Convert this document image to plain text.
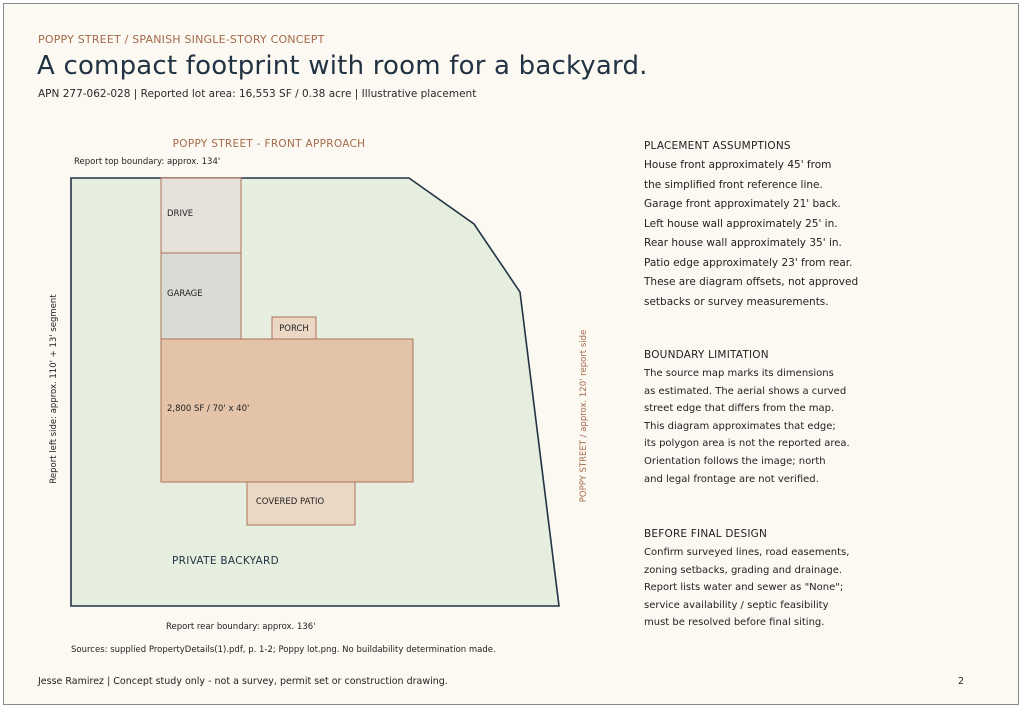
POPPY STREET / SPANISH SINGLE-STORY CONCEPT
A compact footprint with room for a backyard.
APN 277-062-028 | Reported lot area: 16,553 SF / 0.38 acre | Illustrative placement
POPPY STREET - FRONT APPROACH
Report top boundary: approx. 134'
DRIVE
GARAGE
PORCH
2,800 SF / 70' x 40'
COVERED PATIO
PRIVATE BACKYARD
Report left side: approx. 110' + 13' segment	POPPY STREET / approx. 120' report side
Report rear boundary: approx. 136'
Sources: supplied PropertyDetails(1).pdf, p. 1-2; Poppy lot.png. No buildability determination made.
PLACEMENT ASSUMPTIONS
House front approximately 45' from
the simplified front reference line.
Garage front approximately 21' back.
Left house wall approximately 25' in.
Rear house wall approximately 35' in.
Patio edge approximately 23' from rear.
These are diagram offsets, not approved
setbacks or survey measurements.
BOUNDARY LIMITATION
The source map marks its dimensions
as estimated. The aerial shows a curved
street edge that differs from the map.
This diagram approximates that edge;
its polygon area is not the reported area.
Orientation follows the image; north
and legal frontage are not verified.
BEFORE FINAL DESIGN
Confirm surveyed lines, road easements,
zoning setbacks, grading and drainage.
Report lists water and sewer as "None";
service availability / septic feasibility
must be resolved before final siting.
Jesse Ramirez | Concept study only - not a survey, permit set or construction drawing.	2
